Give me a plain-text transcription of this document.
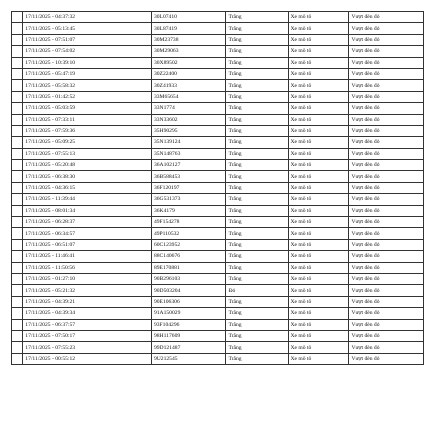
	17/11/2025 - 04:37:32	30L07410	Trắng	Xe mô tô	Vượt đèn đỏ
	17/11/2025 - 05:13:45	30L87419	Trắng	Xe mô tô	Vượt đèn đỏ
	17/11/2025 - 07:51:07	30M23738	Trắng	Xe mô tô	Vượt đèn đỏ
	17/11/2025 - 07:54:02	30M29063	Trắng	Xe mô tô	Vượt đèn đỏ
	17/11/2025 - 10:39:10	30X89502	Trắng	Xe mô tô	Vượt đèn đỏ
	17/11/2025 - 05:47:19	30Z22400	Trắng	Xe mô tô	Vượt đèn đỏ
	17/11/2025 - 05:58:32	30Z41933	Trắng	Xe mô tô	Vượt đèn đỏ
	17/11/2025 - 01:42:52	33M65654	Trắng	Xe mô tô	Vượt đèn đỏ
	17/11/2025 - 05:03:59	33N1774	Trắng	Xe mô tô	Vượt đèn đỏ
	17/11/2025 - 07:33:11	33N33602	Trắng	Xe mô tô	Vượt đèn đỏ
	17/11/2025 - 07:59:36	35H90295	Trắng	Xe mô tô	Vượt đèn đỏ
	17/11/2025 - 05:09:25	35N139124	Trắng	Xe mô tô	Vượt đèn đỏ
	17/11/2025 - 07:55:13	35N148763	Trắng	Xe mô tô	Vượt đèn đỏ
	17/11/2025 - 05:20:48	36A102127	Trắng	Xe mô tô	Vượt đèn đỏ
	17/11/2025 - 06:38:30	36B588453	Trắng	Xe mô tô	Vượt đèn đỏ
	17/11/2025 - 04:36:15	36F120197	Trắng	Xe mô tô	Vượt đèn đỏ
	17/11/2025 - 11:39:44	36G531373	Trắng	Xe mô tô	Vượt đèn đỏ
	17/11/2025 - 08:01:34	36K4179	Trắng	Xe mô tô	Vượt đèn đỏ
	17/11/2025 - 06:28:37	49F154278	Trắng	Xe mô tô	Vượt đèn đỏ
	17/11/2025 - 06:34:57	49P110532	Trắng	Xe mô tô	Vượt đèn đỏ
	17/11/2025 - 06:51:07	60C123952	Trắng	Xe mô tô	Vượt đèn đỏ
	17/11/2025 - 11:46:41	88C140676	Trắng	Xe mô tô	Vượt đèn đỏ
	17/11/2025 - 11:50:56	89E170881	Trắng	Xe mô tô	Vượt đèn đỏ
	17/11/2025 - 01:27:10	90B296103	Trắng	Xe mô tô	Vượt đèn đỏ
	17/11/2025 - 05:21:32	90D503204	Đỏ	Xe mô tô	Vượt đèn đỏ
	17/11/2025 - 04:39:21	90E106306	Trắng	Xe mô tô	Vượt đèn đỏ
	17/11/2025 - 04:39:34	91A150029	Trắng	Xe mô tô	Vượt đèn đỏ
	17/11/2025 - 06:37:57	93F104296	Trắng	Xe mô tô	Vượt đèn đỏ
	17/11/2025 - 07:50:17	98H117609	Trắng	Xe mô tô	Vượt đèn đỏ
	17/11/2025 - 07:55:23	99D121487	Trắng	Xe mô tô	Vượt đèn đỏ
	17/11/2025 - 00:55:12	9U212545	Trắng	Xe mô tô	Vượt đèn đỏ
